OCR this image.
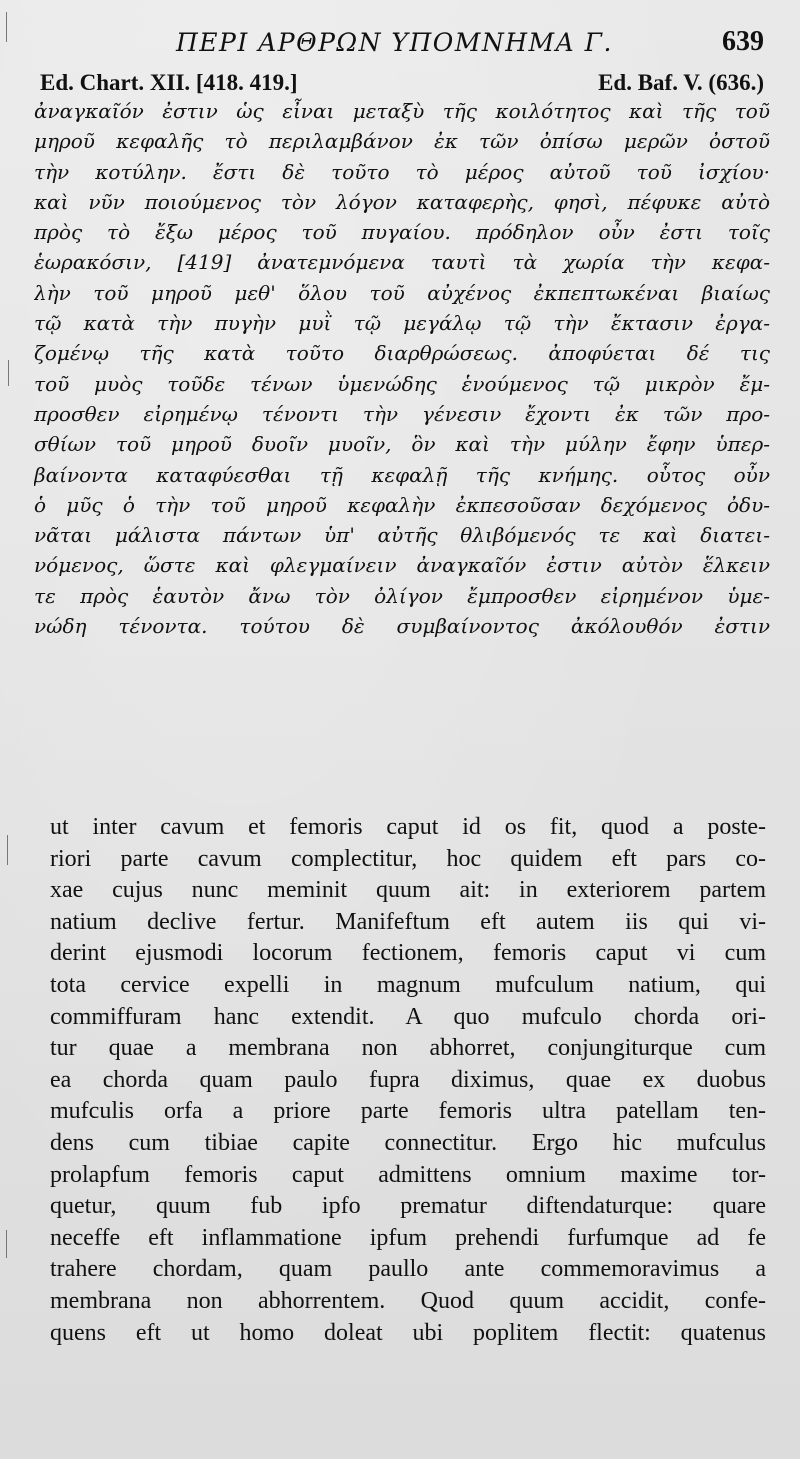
ΠΕΡΙ ΑΡΘΡΩΝ ΥΠΟΜΝΗΜΑ Γ.	639
Ed. Chart. XII. [418. 419.]	Ed. Baf. V. (636.)
ἀναγκαῖόν ἐστιν ὡς εἶναι μεταξὺ τῆς κοιλότητος καὶ τῆς τοῦ
μηροῦ κεφαλῆς τὸ περιλαμβάνον ἐκ τῶν ὀπίσω μερῶν ὀστοῦ
τὴν κοτύλην. ἔστι δὲ τοῦτο τὸ μέρος αὐτοῦ τοῦ ἰσχίου·
καὶ νῦν ποιούμενος τὸν λόγον καταφερὴς, φησὶ, πέφυκε αὐτὸ
πρὸς τὸ ἔξω μέρος τοῦ πυγαίου. πρόδηλον οὖν ἐστι τοῖς
ἑωρακόσιν, [419] ἀνατεμνόμενα ταυτὶ τὰ χωρία τὴν κεφα-
λὴν τοῦ μηροῦ μεθ' ὅλου τοῦ αὐχένος ἐκπεπτωκέναι βιαίως
τῷ κατὰ τὴν πυγὴν μυῒ τῷ μεγάλῳ τῷ τὴν ἔκτασιν ἐργα-
ζομένῳ τῆς κατὰ τοῦτο διαρθρώσεως. ἀποφύεται δέ τις
τοῦ μυὸς τοῦδε τένων ὑμενώδης ἑνούμενος τῷ μικρὸν ἔμ-
προσθεν εἰρημένῳ τένοντι τὴν γένεσιν ἔχοντι ἐκ τῶν προ-
σθίων τοῦ μηροῦ δυοῖν μυοῖν, ὃν καὶ τὴν μύλην ἔφην ὑπερ-
βαίνοντα καταφύεσθαι τῇ κεφαλῇ τῆς κνήμης. οὗτος οὖν
ὁ μῦς ὁ τὴν τοῦ μηροῦ κεφαλὴν ἐκπεσοῦσαν δεχόμενος ὀδυ-
νᾶται μάλιστα πάντων ὑπ' αὐτῆς θλιβόμενός τε καὶ διατει-
νόμενος, ὥστε καὶ φλεγμαίνειν ἀναγκαῖόν ἐστιν αὐτὸν ἕλκειν
τε πρὸς ἑαυτὸν ἄνω τὸν ὀλίγον ἔμπροσθεν εἰρημένον ὑμε-
νώδη τένοντα. τούτου δὲ συμβαίνοντος ἀκόλουθόν ἐστιν
ut inter cavum et femoris caput id os fit, quod a poste-
riori parte cavum complectitur, hoc quidem eft pars co-
xae cujus nunc meminit quum ait: in exteriorem partem
natium declive fertur. Manifeftum eft autem iis qui vi-
derint ejusmodi locorum fectionem, femoris caput vi cum
tota cervice expelli in magnum mufculum natium, qui
commiffuram hanc extendit. A quo mufculo chorda ori-
tur quae a membrana non abhorret, conjungiturque cum
ea chorda quam paulo fupra diximus, quae ex duobus
mufculis orfa a priore parte femoris ultra patellam ten-
dens cum tibiae capite connectitur. Ergo hic mufculus
prolapfum femoris caput admittens omnium maxime tor-
quetur, quum fub ipfo prematur diftendaturque: quare
neceffe eft inflammatione ipfum prehendi furfumque ad fe
trahere chordam, quam paullo ante commemoravimus a
membrana non abhorrentem. Quod quum accidit, confe-
quens eft ut homo doleat ubi poplitem flectit: quatenus
